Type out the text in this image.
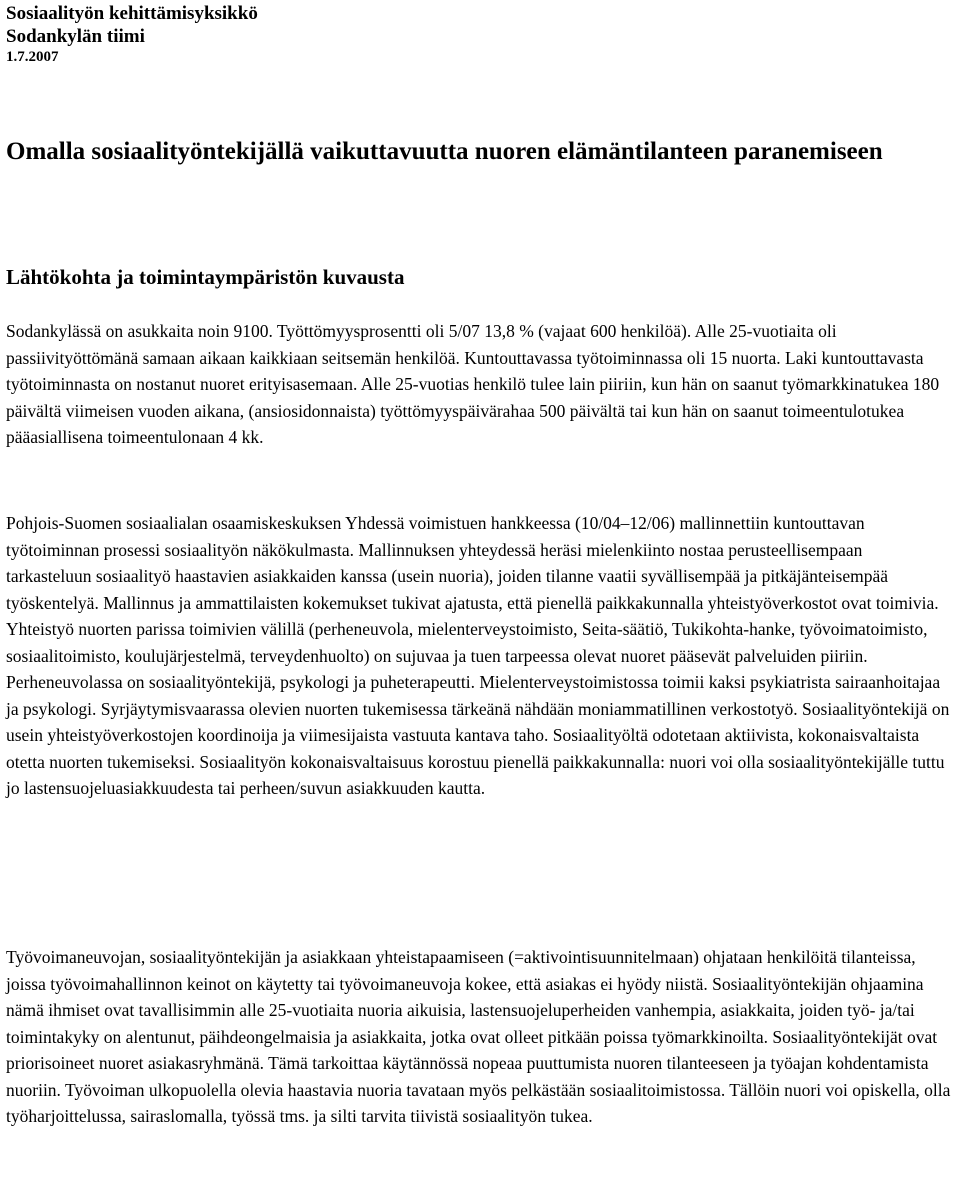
Sosiaalityön kehittämisyksikkö
Sodankylän tiimi
1.7.2007
Omalla sosiaalityöntekijällä vaikuttavuutta nuoren elämäntilanteen paranemiseen
Lähtökohta ja toimintaympäristön kuvausta

Sodankylässä on asukkaita noin 9100. Työttömyysprosentti oli 5/07 13,8 % (vajaat 600 henkilöä). Alle 25-vuotiaita oli passiivityöttömänä samaan aikaan kaikkiaan seitsemän henkilöä. Kuntouttavassa työtoiminnassa oli 15 nuorta. Laki kuntouttavasta työtoiminnasta on nostanut nuoret erityisasemaan. Alle 25-vuotias henkilö tulee lain piiriin, kun hän on saanut työmarkkinatukea 180 päivältä viimeisen vuoden aikana, (ansiosidonnaista) työttömyyspäivärahaa 500 päivältä tai kun hän on saanut toimeentulotukea pääasiallisena toimeentulonaan 4 kk.

Pohjois-Suomen sosiaalialan osaamiskeskuksen Yhdessä voimistuen hankkeessa (10/04–12/06) mallinnettiin kuntouttavan työtoiminnan prosessi sosiaalityön näkökulmasta. Mallinnuksen yhteydessä heräsi mielenkiinto nostaa perusteellisempaan tarkasteluun sosiaalityö haastavien asiakkaiden kanssa (usein nuoria), joiden tilanne vaatii syvällisempää ja pitkäjänteisempää työskentelyä. Mallinnus ja ammattilaisten kokemukset tukivat ajatusta, että pienellä paikkakunnalla yhteistyöverkostot ovat toimivia. Yhteistyö nuorten parissa toimivien välillä (perheneuvola, mielenterveystoimisto, Seita-säätiö, Tukikohta-hanke, työvoimatoimisto, sosiaalitoimisto, koulujärjestelmä, terveydenhuolto) on sujuvaa ja tuen tarpeessa olevat nuoret pääsevät palveluiden piiriin. Perheneuvolassa on sosiaalityöntekijä, psykologi ja puheterapeutti. Mielenterveystoimistossa toimii kaksi psykiatrista sairaanhoitajaa ja psykologi. Syrjäytymisvaarassa olevien nuorten tukemisessa tärkeänä nähdään moniammatillinen verkostotyö. Sosiaalityöntekijä on usein yhteistyöverkostojen koordinoija ja viimesijaista vastuuta kantava taho. Sosiaalityöltä odotetaan aktiivista, kokonaisvaltaista otetta nuorten tukemiseksi. Sosiaalityön kokonaisvaltaisuus korostuu pienellä paikkakunnalla: nuori voi olla sosiaalityöntekijälle tuttu jo lastensuojeluasiakkuudesta tai perheen/suvun asiakkuuden kautta.

Työvoimaneuvojan, sosiaalityöntekijän ja asiakkaan yhteistapaamiseen (=aktivointisuunnitelmaan) ohjataan henkilöitä tilanteissa, joissa työvoimahallinnon keinot on käytetty tai työvoimaneuvoja kokee, että asiakas ei hyödy niistä. Sosiaalityöntekijän ohjaamina nämä ihmiset ovat tavallisimmin alle 25-vuotiaita nuoria aikuisia, lastensuojeluperheiden vanhempia, asiakkaita, joiden työ- ja/tai toimintakyky on alentunut, päihdeongelmaisia ja asiakkaita, jotka ovat olleet pitkään poissa työmarkkinoilta. Sosiaalityöntekijät ovat priorisoineet nuoret asiakasryhmänä. Tämä tarkoittaa käytännössä nopeaa puuttumista nuoren tilanteeseen ja työajan kohdentamista nuoriin. Työvoiman ulkopuolella olevia haastavia nuoria tavataan myös pelkästään sosiaalitoimistossa. Tällöin nuori voi opiskella, olla työharjoittelussa, sairaslomalla, työssä tms. ja silti tarvita tiivistä sosiaalityön tukea.
